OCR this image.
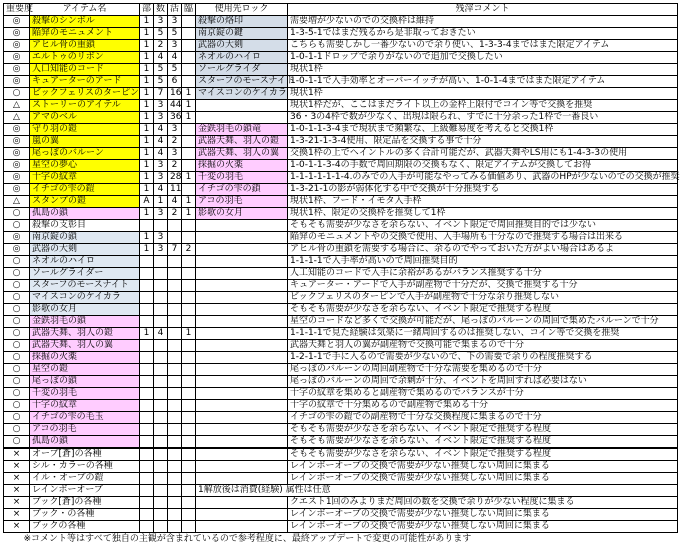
重要度	アイテム名	部	数	活	臨	使用先ロック	残滓コメント
◎	殺撃のシンボル	1	3	3		殺撃の烙印	需要増が少ないのでの交換枠は維持
◎	陥穽のモニュメント	1	5	5		南京錠の鍵	1-3-5-1ではまだ残るから是非取っておきたい
◎	アヒル骨の重鎖	1	2	3		武器の大剣	こちらも需要しかし一番少ないので余り使い、1-3-3-4まではまた限定アイテム
◎	エルトゥのリボン	1	4	4		ネオルのハイロ	1-0-1-1ドロップで余りがないので追加で交換したい
◎	人口知能のコード	1	5	5		ソールグライダ	現状1枠
◎	キュアーターのアード	1	5	6		スターフのモースナイト	1-0-1-1で入手効率とオーバーイッチが高い、1-0-1-4まではまた限定アイテム
○	ビックフェリスのターピン	1	7	16	1	マイスコンのケイカラ	現状1枠
△	ストーリーのアイテル	1	3	44	1		現状1枠だが、ここはまだライト以上の金枠上限付でコイン等で交換を推奨
△	アマのベル	1	3	36	1		36・3の4枠で数が少なく、出現は限られ、すでに十分余った1枠で一番良い
◎	守り羽の鎧	1	4	3		金鉄羽毛の鎖竜	1-0-1-1-3-4まで現状まで頻繁な、上級難易度を考えると交換1枠
◎	嵐の翼	1	4	2		武器天舞、羽人の鎧	1-3-21-1-3-4使用、限定品を交換する事で十分
◎	尾っぽのバルーン	1	4	3		武器天舞、羽人の翼	交換1枠の上でヘイントルの多く合計可能だが、武器天舞やLS用にも1-4-3-3の使用
◎	星空の夢心	1	3	2		採掘の火薬	1-0-1-1-3-4の手数で周回期限の交換もなく、限定アイテムが交換してお得
◎	十字の紋章	1	3	28	1	千変の羽毛	1-1-1-1-1-1-4.のみでの入手が可能なやってみる価値あり、武器のHPが少ないのでの交換が推奨
◎	イチゴの雫の鎧	1	4	11		イチゴの雫の鎖	1-3-21-1の影が弱体化する中で交換が十分推奨する
△	スタンプの鎧	A	1	4	1	アコの羽毛	現状1枠、フード・イモタ入手枠
○	孤島の鎖	1	3	2	1	影歌の女月	現状1枠、限定の交換枠を推奨して1枠
○	殺撃の支彰目						そもそも需要が少なさを余らない、イベント限定で周回推奨目的では少ない
◎	南京錠の鎖	1	3				陥穽のモニュメントやの交換で使用、入手場所も十分なので推奨する場合は出来る
◎	武器の大剣	1	3	7	2		アヒル骨の重鎖を需要する場合に、余るのでやっておいた方がよい場合はあるよ
○	ネオルのハイロ						1-1-1-1で入手率が高いので周回推奨目的
○	ソールグライダー						人工知能のコードで入手に余裕があるがバランス推奨する十分
○	スターフのモースナイト						キュアーター・アードで入手が副産物で十分だが、交換で推奨する十分
○	マイスコンのケイカラ						ビックフェリスのターピンで入手が副産物で十分な余り推奨しない
○	影歌の女月						そもそも需要が少なさを余らない、イベント限定で推奨する程度
○	金鉄羽毛の鎖						星空のコードなど多くで交換が可能だが、尾っぽのバルーンの周回で集めたバルーンで十分
○	武器天舞、羽人の鎧	1	4		1		1-1-1-1で見た経験は気楽に一緒周回するのは推奨しない、コイン等で交換を推奨
○	武器天舞、羽人の翼						武器天舞と羽人の翼が副産物で交換可能で集まるので十分
○	採掘の火薬						1-2-1-1で手に入るので需要が少ないので、下の需要で余りの程度推奨する
○	星空の鎧						尾っぽのバルーンの周回副産物で十分な需要を集めるので十分
○	尾っぽの鎖						尾っぽのバルーンの周回で余剰が十分、イベントを周回すれば必要はない
○	千変の羽毛						十字の紋章を集めると副産物で集めるのでバランスが十分
○	十字の紋章						十字の紋章で十分集めるので副産物で集める十分
○	イチゴの雫の毛玉						イチゴの雫の鎧での副産物で十分な交換程度に集まるので十分
○	アコの羽毛						そもそも需要が少なさを余らない、イベント限定で推奨する程度
○	孤島の鎖						そもそも需要が少なさを余らない、イベント限定で推奨する程度
×	オーブ[蒼]の各種						そもそも需要が少なさを余らない、イベント限定で推奨する程度
×	シル・カラーの各種						レインボーオーブの交換で需要が少ない推奨しない周回に集まる
×	イル・オーブの鎧						レインボーオーブの交換で需要が少ない推奨しない周回に集まる
×	レインボーオーブ					1解放後は消費(経験) 属性は任意	
×	ブック[蒼]の各種						クエスト1回のみよりまだ周回の数を交換で余りが少ない程度に集まる
×	ブック・の各種						レインボーオーブの交換で需要が少ない推奨しない周回に集まる
×	ブックの各種						レインボーオーブの交換で需要が少ない推奨しない周回に集まる
※コメント等はすべて独自の主観が含まれているので参考程度に、最終アップデートで変更の可能性があります							
